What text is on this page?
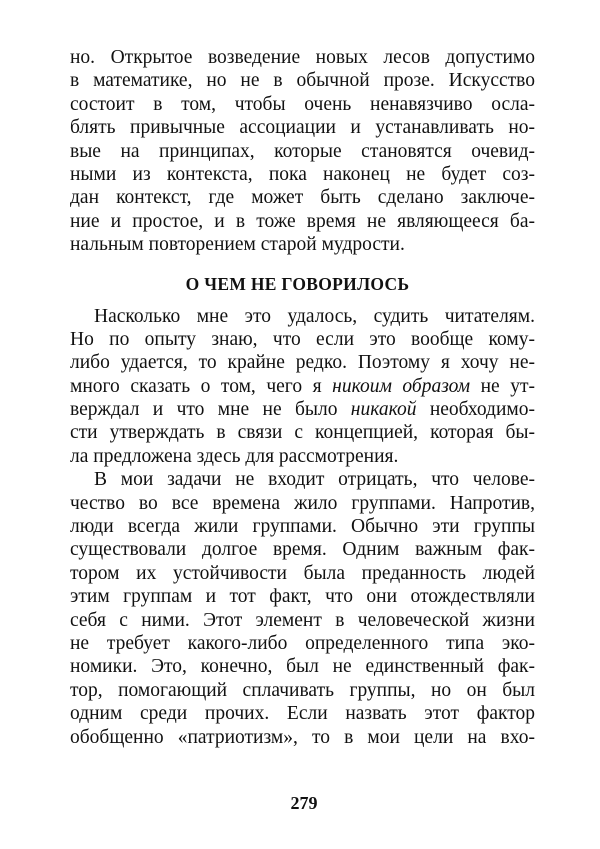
но. Открытое возведение новых лесов допустимо
в математике, но не в обычной прозе. Искусство
состоит в том, чтобы очень ненавязчиво осла-
блять привычные ассоциации и устанавливать но-
вые на принципах, которые становятся очевид-
ными из контекста, пока наконец не будет соз-
дан контекст, где может быть сделано заключе-
ние и простое, и в тоже время не являющееся ба-
нальным повторением старой мудрости.
О ЧЕМ НЕ ГОВОРИЛОСЬ
Насколько мне это удалось, судить читателям.
Но по опыту знаю, что если это вообще кому-
либо удается, то крайне редко. Поэтому я хочу не-
много сказать о том, чего я никоим образом не ут-
верждал и что мне не было никакой необходимо-
сти утверждать в связи с концепцией, которая бы-
ла предложена здесь для рассмотрения.
В мои задачи не входит отрицать, что челове-
чество во все времена жило группами. Напротив,
люди всегда жили группами. Обычно эти группы
существовали долгое время. Одним важным фак-
тором их устойчивости была преданность людей
этим группам и тот факт, что они отождествляли
себя с ними. Этот элемент в человеческой жизни
не требует какого-либо определенного типа эко-
номики. Это, конечно, был не единственный фак-
тор, помогающий сплачивать группы, но он был
одним среди прочих. Если назвать этот фактор
обобщенно «патриотизм», то в мои цели на вхо-
279
